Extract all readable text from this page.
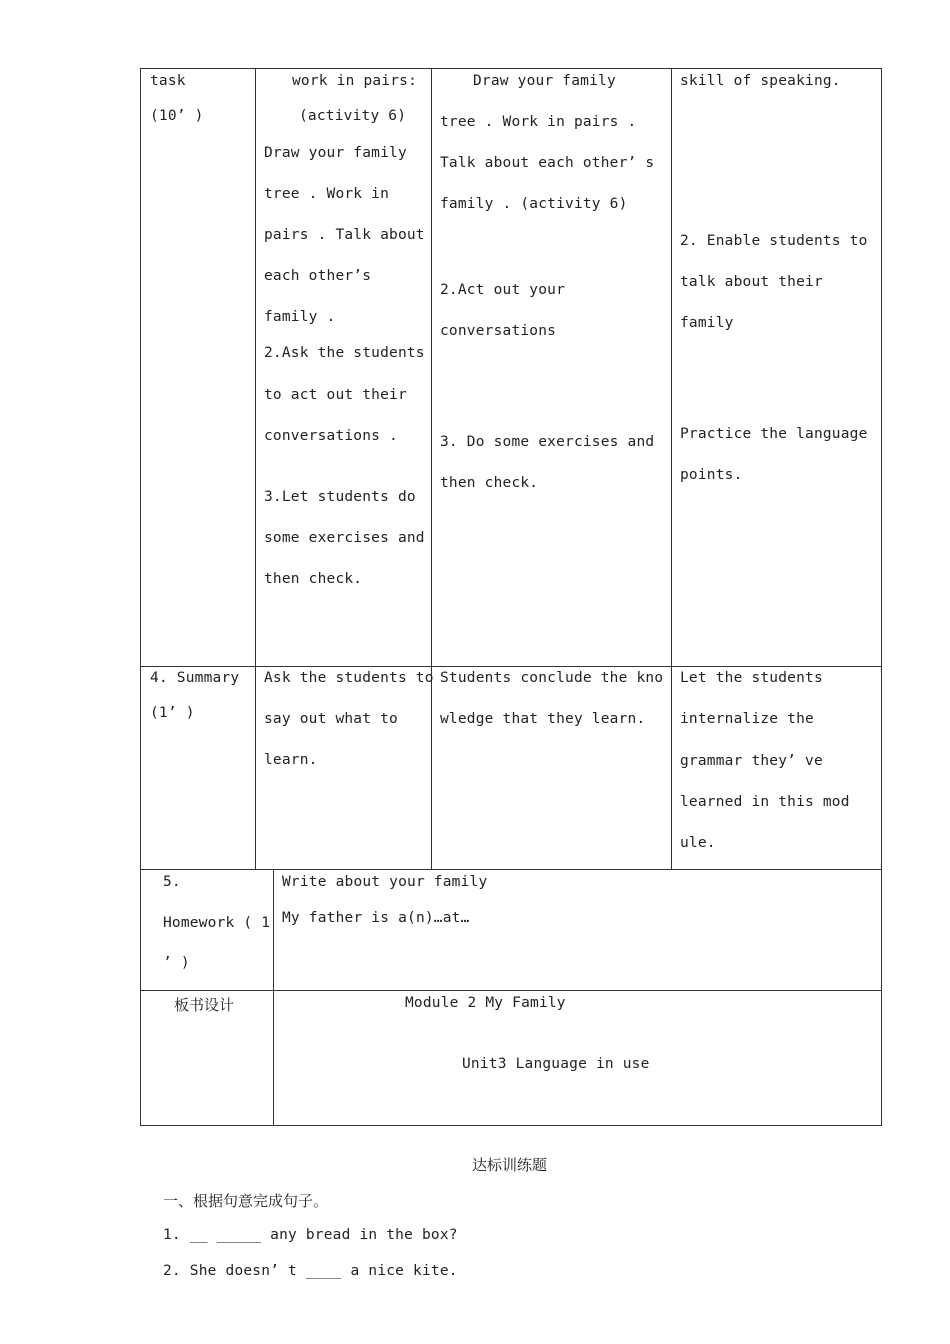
task
(10’ )
work in pairs:
(activity 6)
Draw your family
tree . Work in
pairs . Talk about
each other’s
family .
2.Ask the students
to act out their
conversations .
3.Let students do
some exercises and
then check.
Draw your family
tree . Work in pairs .
Talk about each other’ s
family . (activity 6)
2.Act out your
conversations
3. Do some exercises and
then check.
skill of speaking.
2. Enable students to
talk about their
family
Practice the language
points.
4. Summary
(1’ )
Ask the students to
say out what to
learn.
Students conclude the kno
wledge that they learn.
Let the students
internalize the
grammar they’ ve
learned in this mod
ule.
5.
Homework ( 1
’ )
Write about your family
My father is a(n)…at…
板书设计	Module 2 My Family
Unit3 Language in use
达标训练题
一、根据句意完成句子。
1. __ _____ any bread in the box?
2. She doesn’ t ____ a nice kite.
